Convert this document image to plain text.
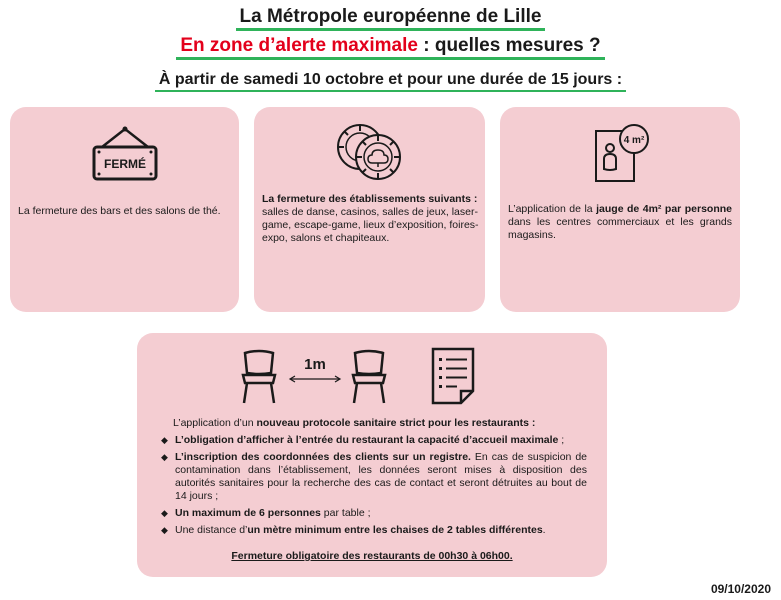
La Métropole européenne de Lille
En zone d’alerte maximale : quelles mesures ?
À partir de samedi 10 octobre et pour une durée de 15 jours :
FERMÉ
La fermeture des bars et des salons de thé.
La fermeture des établissements suivants : salles de danse, casinos, salles de jeux, laser-game, escape-game, lieux d’exposition, foires-expo, salons et chapiteaux.
4 m²
L’application de la jauge de 4m² par personne dans les centres commerciaux et les grands magasins.
1m
L’application d’un nouveau protocole sanitaire strict pour les restaurants :
◆ L’obligation d’afficher à l’entrée du restaurant la capacité d’accueil maximale ;
◆ L’inscription des coordonnées des clients sur un registre. En cas de suspicion de contamination dans l’établissement, les données seront mises à disposition des autorités sanitaires pour la recherche des cas de contact et seront détruites au bout de 14 jours ;
◆ Un maximum de 6 personnes par table ;
◆ Une distance d’un mètre minimum entre les chaises de 2 tables différentes.
Fermeture obligatoire des restaurants de 00h30 à 06h00.
09/10/2020
